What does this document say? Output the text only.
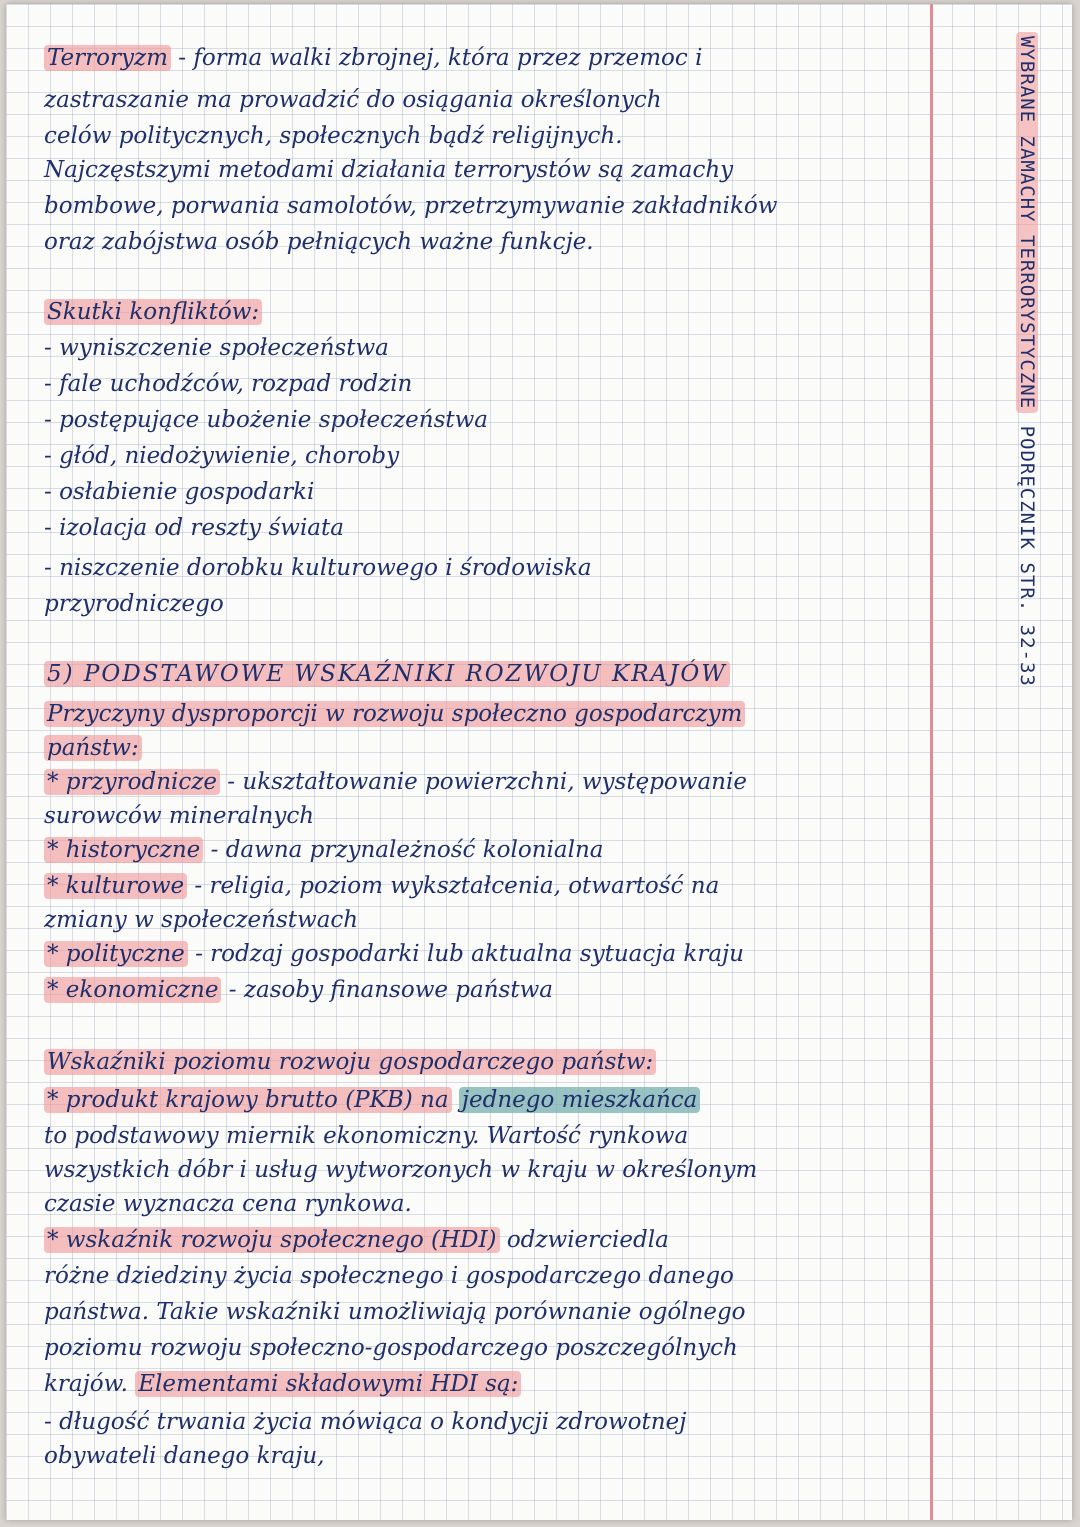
WYBRANE ZAMACHY TERRORYSTYCZNE PODRĘCZNIK STR. 32-33
Terroryzm - forma walki zbrojnej, która przez przemoc i
zastraszanie ma prowadzić do osiągania określonych
celów politycznych, społecznych bądź religijnych.
Najczęstszymi metodami działania terrorystów są zamachy
bombowe, porwania samolotów, przetrzymywanie zakładników
oraz zabójstwa osób pełniących ważne funkcje.
Skutki konfliktów:
- wyniszczenie społeczeństwa
- fale uchodźców, rozpad rodzin
- postępujące ubożenie społeczeństwa
- głód, niedożywienie, choroby
- osłabienie gospodarki
- izolacja od reszty świata
- niszczenie dorobku kulturowego i środowiska
przyrodniczego
5) PODSTAWOWE WSKAŹNIKI ROZWOJU KRAJÓW
Przyczyny dysproporcji w rozwoju społeczno gospodarczym
państw:
* przyrodnicze - ukształtowanie powierzchni, występowanie
surowców mineralnych
* historyczne - dawna przynależność kolonialna
* kulturowe - religia, poziom wykształcenia, otwartość na
zmiany w społeczeństwach
* polityczne - rodzaj gospodarki lub aktualna sytuacja kraju
* ekonomiczne - zasoby finansowe państwa
Wskaźniki poziomu rozwoju gospodarczego państw:
* produkt krajowy brutto (PKB) na jednego mieszkańca
to podstawowy miernik ekonomiczny. Wartość rynkowa
wszystkich dóbr i usług wytworzonych w kraju w określonym
czasie wyznacza cena rynkowa.
* wskaźnik rozwoju społecznego (HDI) odzwierciedla
różne dziedziny życia społecznego i gospodarczego danego
państwa. Takie wskaźniki umożliwiają porównanie ogólnego
poziomu rozwoju społeczno-gospodarczego poszczególnych
krajów. Elementami składowymi HDI są:
- długość trwania życia mówiąca o kondycji zdrowotnej
obywateli danego kraju,
